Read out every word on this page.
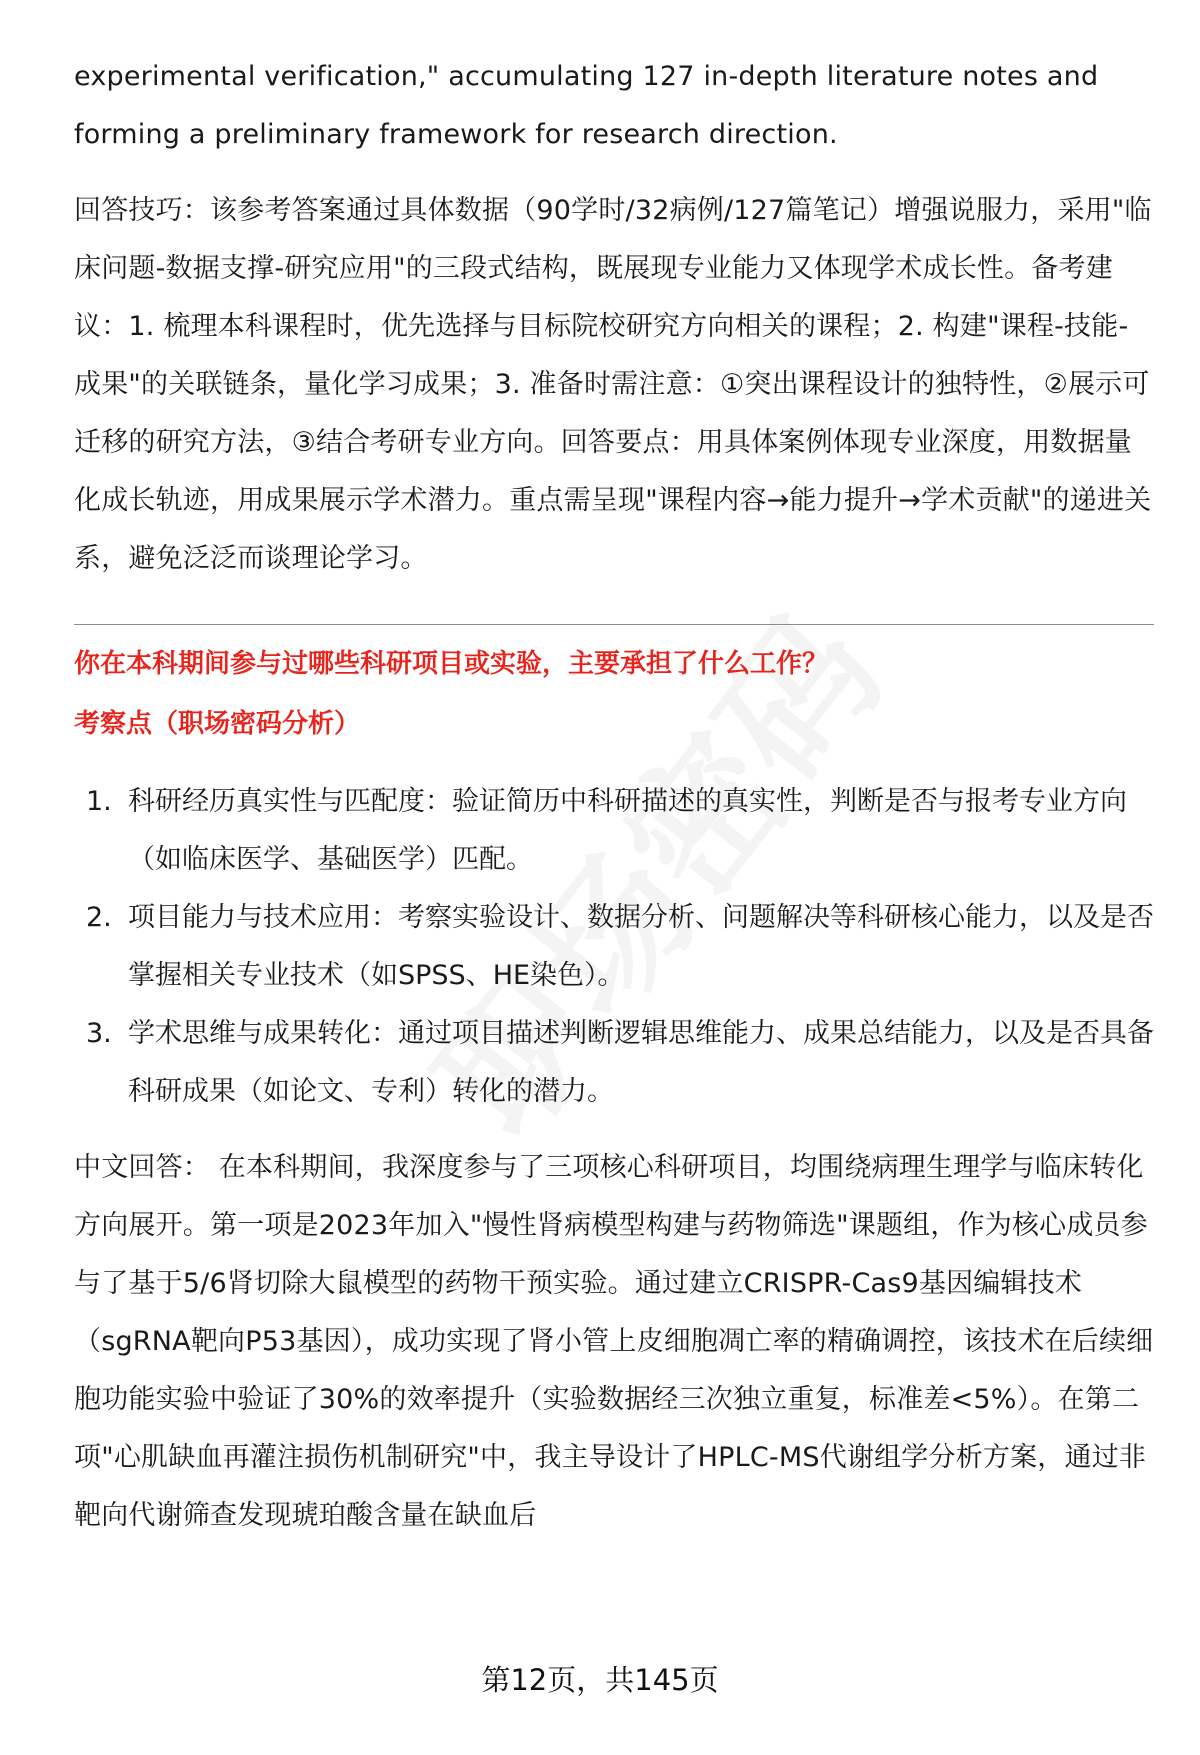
experimental verification," accumulating 127 in-depth literature notes and
forming a preliminary framework for research direction.

回答技巧：该参考答案通过具体数据（90学时/32病例/127篇笔记）增强说服力，采用"临床问题-数据支撑-研究应用"的三段式结构，既展现专业能力又体现学术成长性。备考建议：1. 梳理本科课程时，优先选择与目标院校研究方向相关的课程；2. 构建"课程-技能-成果"的关联链条，量化学习成果；3. 准备时需注意：①突出课程设计的独特性，②展示可迁移的研究方法，③结合考研专业方向。回答要点：用具体案例体现专业深度，用数据量化成长轨迹，用成果展示学术潜力。重点需呈现"课程内容→能力提升→学术贡献"的递进关系，避免泛泛而谈理论学习。

你在本科期间参与过哪些科研项目或实验，主要承担了什么工作？

考察点（职场密码分析）

1. 科研经历真实性与匹配度：验证简历中科研描述的真实性，判断是否与报考专业方向（如临床医学、基础医学）匹配。
2. 项目能力与技术应用：考察实验设计、数据分析、问题解决等科研核心能力，以及是否掌握相关专业技术（如SPSS、HE染色）。
3. 学术思维与成果转化：通过项目描述判断逻辑思维能力、成果总结能力，以及是否具备科研成果（如论文、专利）转化的潜力。

中文回答： 在本科期间，我深度参与了三项核心科研项目，均围绕病理生理学与临床转化方向展开。第一项是2023年加入"慢性肾病模型构建与药物筛选"课题组，作为核心成员参与了基于5/6肾切除大鼠模型的药物干预实验。通过建立CRISPR-Cas9基因编辑技术（sgRNA靶向P53基因），成功实现了肾小管上皮细胞凋亡率的精确调控，该技术在后续细胞功能实验中验证了30%的效率提升（实验数据经三次独立重复，标准差<5%）。在第二项"心肌缺血再灌注损伤机制研究"中，我主导设计了HPLC-MS代谢组学分析方案，通过非靶向代谢筛查发现琥珀酸含量在缺血后

第12页，共145页
